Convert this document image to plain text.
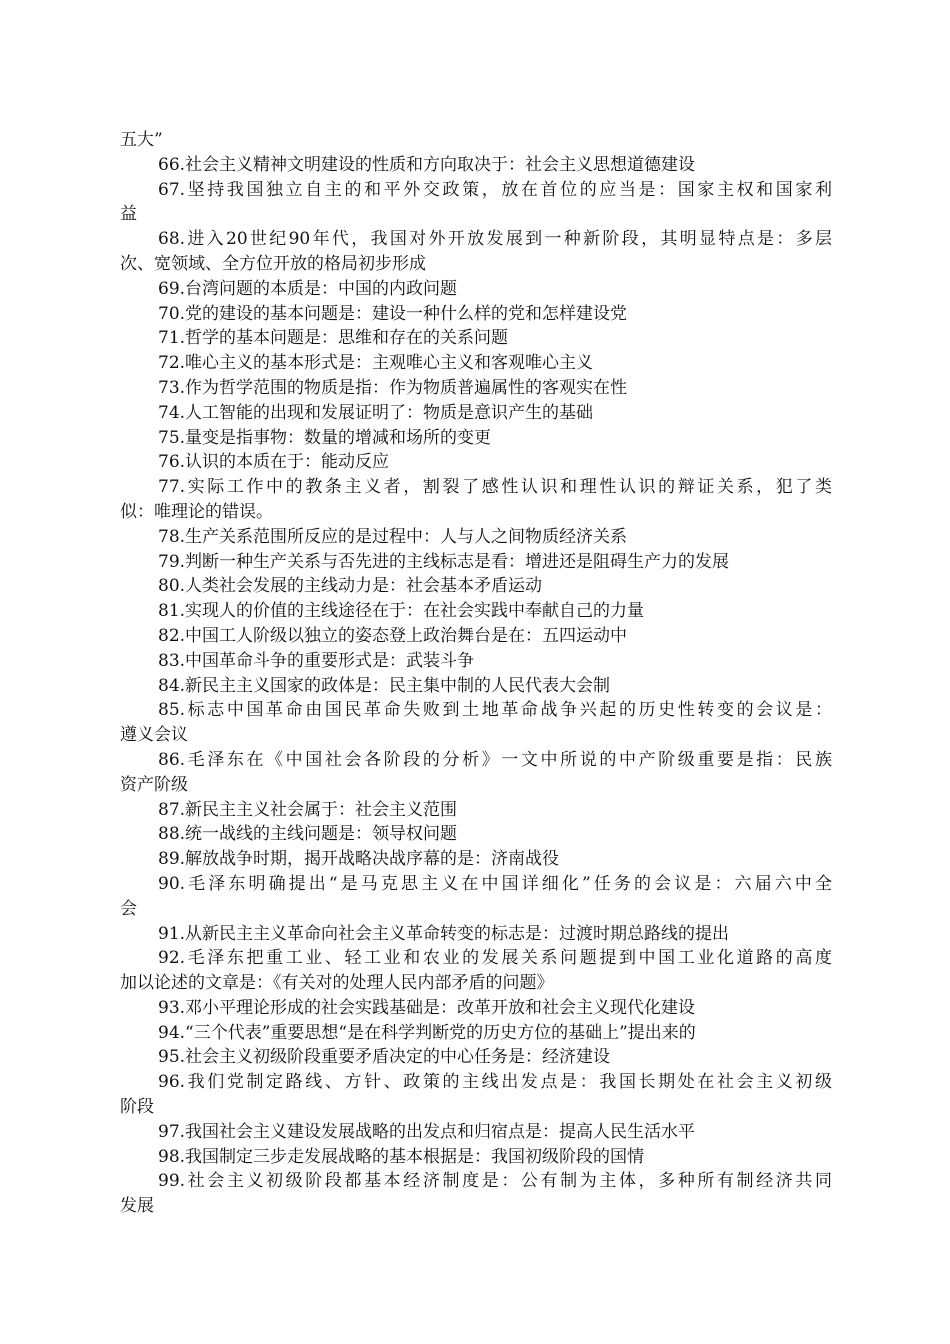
五大”
66.社会主义精神文明建设的性质和方向取决于：社会主义思想道德建设
67.坚持我国独立自主的和平外交政策，放在首位的应当是：国家主权和国家利
益
68.进入20世纪90年代，我国对外开放发展到一种新阶段，其明显特点是：多层
次、宽领域、全方位开放的格局初步形成
69.台湾问题的本质是：中国的内政问题
70.党的建设的基本问题是：建设一种什么样的党和怎样建设党
71.哲学的基本问题是：思维和存在的关系问题
72.唯心主义的基本形式是：主观唯心主义和客观唯心主义
73.作为哲学范围的物质是指：作为物质普遍属性的客观实在性
74.人工智能的出现和发展证明了：物质是意识产生的基础
75.量变是指事物：数量的增减和场所的变更
76.认识的本质在于：能动反应
77.实际工作中的教条主义者，割裂了感性认识和理性认识的辩证关系，犯了类
似：唯理论的错误。
78.生产关系范围所反应的是过程中：人与人之间物质经济关系
79.判断一种生产关系与否先进的主线标志是看：增进还是阻碍生产力的发展
80.人类社会发展的主线动力是：社会基本矛盾运动
81.实现人的价值的主线途径在于：在社会实践中奉献自己的力量
82.中国工人阶级以独立的姿态登上政治舞台是在：五四运动中
83.中国革命斗争的重要形式是：武装斗争
84.新民主主义国家的政体是：民主集中制的人民代表大会制
85.标志中国革命由国民革命失败到土地革命战争兴起的历史性转变的会议是：
遵义会议
86.毛泽东在《中国社会各阶段的分析》一文中所说的中产阶级重要是指：民族
资产阶级
87.新民主主义社会属于：社会主义范围
88.统一战线的主线问题是：领导权问题
89.解放战争时期，揭开战略决战序幕的是：济南战役
90.毛泽东明确提出“是马克思主义在中国详细化”任务的会议是：六届六中全
会
91.从新民主主义革命向社会主义革命转变的标志是：过渡时期总路线的提出
92.毛泽东把重工业、轻工业和农业的发展关系问题提到中国工业化道路的高度
加以论述的文章是：《有关对的处理人民内部矛盾的问题》
93.邓小平理论形成的社会实践基础是：改革开放和社会主义现代化建设
94.“三个代表”重要思想“是在科学判断党的历史方位的基础上”提出来的
95.社会主义初级阶段重要矛盾决定的中心任务是：经济建设
96.我们党制定路线、方针、政策的主线出发点是：我国长期处在社会主义初级
阶段
97.我国社会主义建设发展战略的出发点和归宿点是：提高人民生活水平
98.我国制定三步走发展战略的基本根据是：我国初级阶段的国情
99.社会主义初级阶段都基本经济制度是：公有制为主体，多种所有制经济共同
发展
